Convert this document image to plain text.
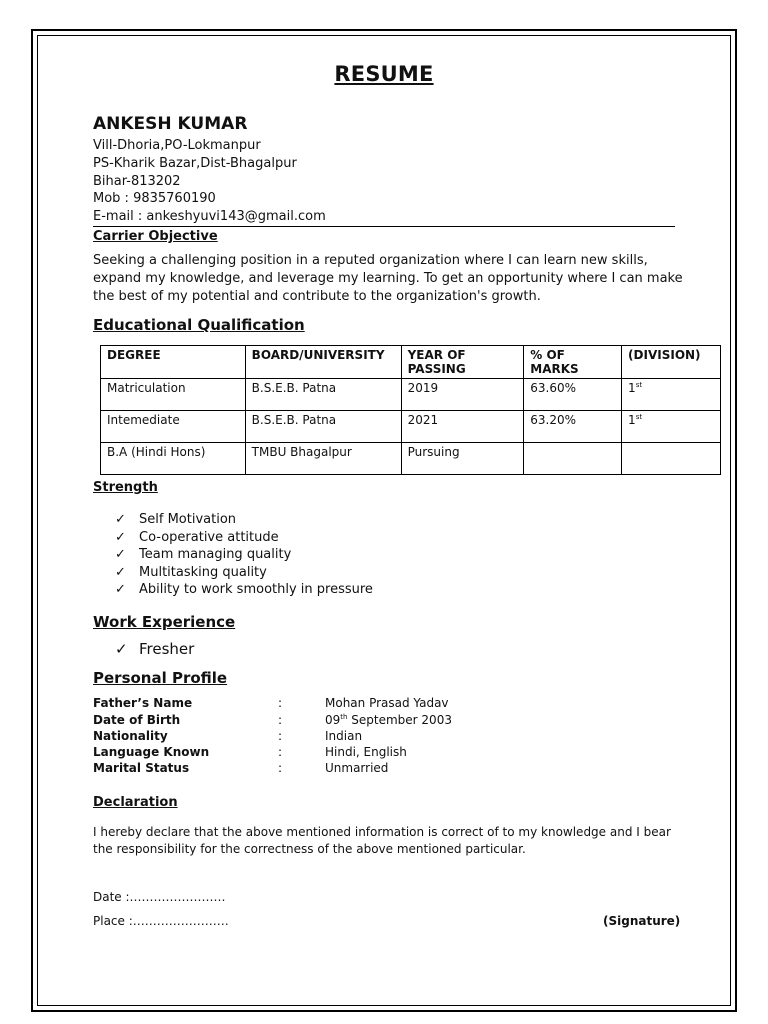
RESUME
ANKESH KUMAR
Vill-Dhoria,PO-Lokmanpur
PS-Kharik Bazar,Dist-Bhagalpur
Bihar-813202
Mob : 9835760190
E-mail : ankeshyuvi143@gmail.com
Carrier Objective
Seeking a challenging position in a reputed organization where I can learn new skills, expand my knowledge, and leverage my learning. To get an opportunity where I can make the best of my potential and contribute to the organization's growth.
Educational Qualification
DEGREE	BOARD/UNIVERSITY	YEAR OF PASSING	% OF MARKS	(DIVISION)
Matriculation	B.S.E.B. Patna	2019	63.60%	1st
Intemediate	B.S.E.B. Patna	2021	63.20%	1st
B.A (Hindi Hons)	TMBU Bhagalpur	Pursuing		
Strength
✓ Self Motivation
✓ Co-operative attitude
✓ Team managing quality
✓ Multitasking quality
✓ Ability to work smoothly in pressure
Work Experience
✓ Fresher
Personal Profile
Father’s Name	:	Mohan Prasad Yadav
Date of Birth	:	09th September 2003
Nationality	:	Indian
Language Known	:	Hindi, English
Marital Status	:	Unmarried
Declaration
I hereby declare that the above mentioned information is correct of to my knowledge and I bear the responsibility for the correctness of the above mentioned particular.
Date :……………………
Place :……………………	(Signature)
